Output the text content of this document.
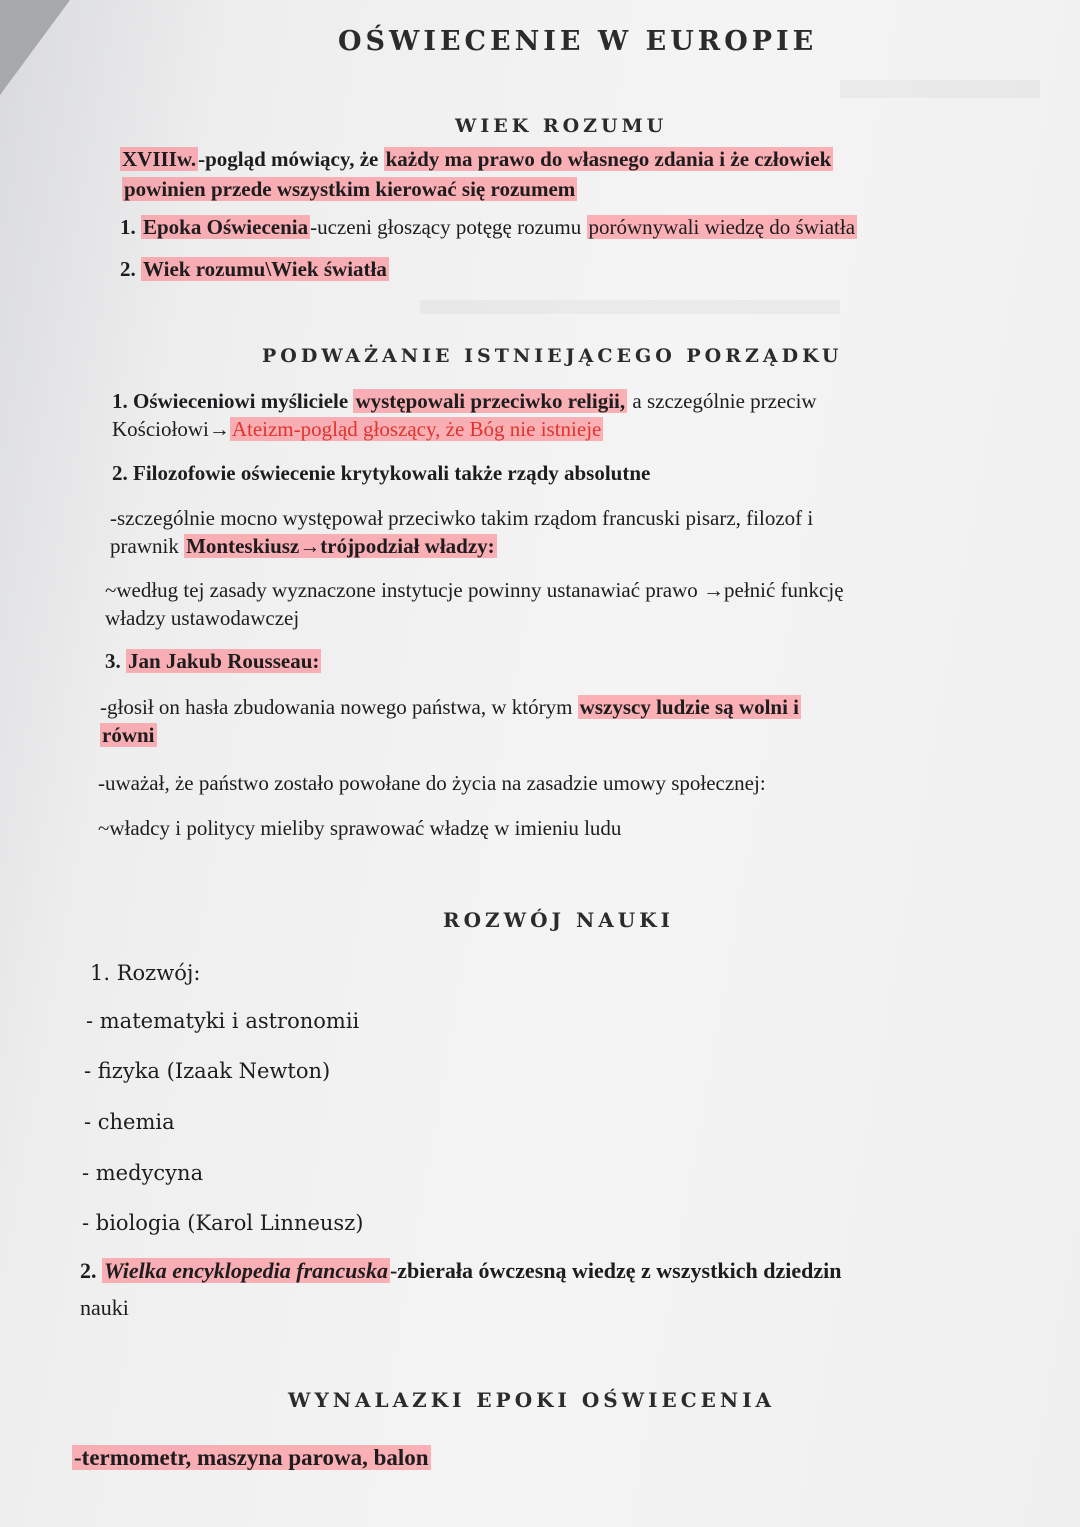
OŚWIECENIE W EUROPIE
WIEK ROZUMU
XVIIIw.-pogląd mówiący, że każdy ma prawo do własnego zdania i że człowiek
powinien przede wszystkim kierować się rozumem
1. Epoka Oświecenia-uczeni głoszący potęgę rozumu porównywali wiedzę do światła
2. Wiek rozumu\Wiek światła
PODWAŻANIE ISTNIEJĄCEGO PORZĄDKU
1. Oświeceniowi myśliciele występowali przeciwko religii, a szczególnie przeciw
Kościołowi→Ateizm-pogląd głoszący, że Bóg nie istnieje
2. Filozofowie oświecenie krytykowali także rządy absolutne
-szczególnie mocno występował przeciwko takim rządom francuski pisarz, filozof i
prawnik Monteskiusz→trójpodział władzy:
~według tej zasady wyznaczone instytucje powinny ustanawiać prawo →pełnić funkcję
władzy ustawodawczej
3. Jan Jakub Rousseau:
-głosił on hasła zbudowania nowego państwa, w którym wszyscy ludzie są wolni i
równi
-uważał, że państwo zostało powołane do życia na zasadzie umowy społecznej:
~władcy i politycy mieliby sprawować władzę w imieniu ludu
ROZWÓJ NAUKI
1. Rozwój:
- matematyki i astronomii
- fizyka (Izaak Newton)
- chemia
- medycyna
- biologia (Karol Linneusz)
2. Wielka encyklopedia francuska-zbierała ówczesną wiedzę z wszystkich dziedzin
nauki
WYNALAZKI EPOKI OŚWIECENIA
-termometr, maszyna parowa, balon
